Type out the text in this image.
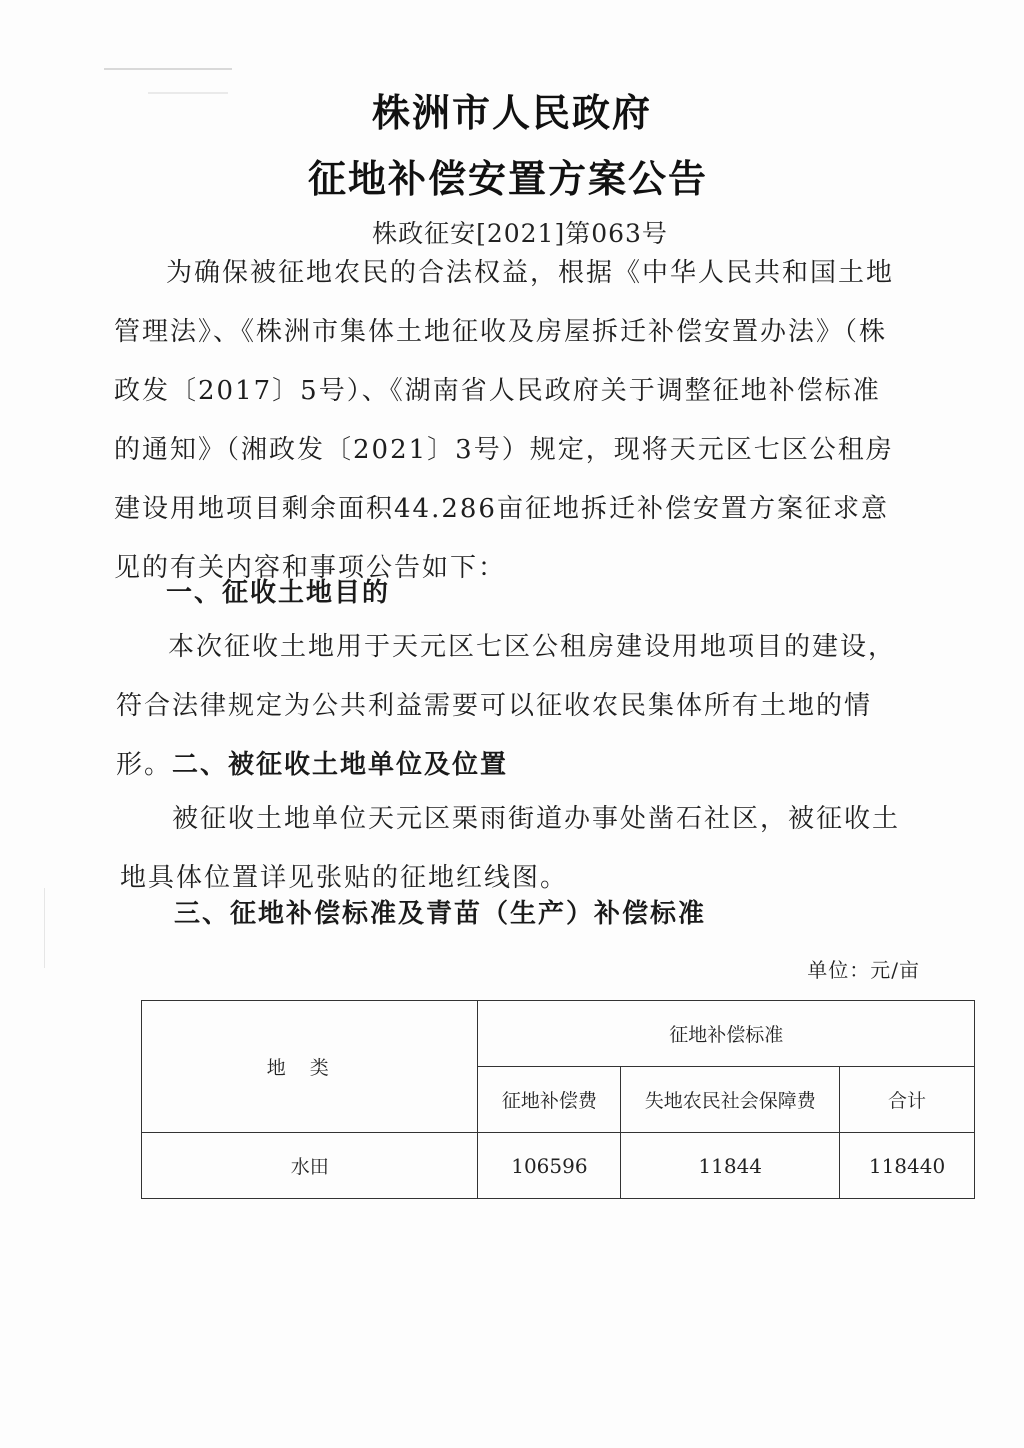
株洲市人民政府
征地补偿安置方案公告
株政征安[2021]第063号
为确保被征地农民的合法权益，根据《中华人民共和国土地管理法》、《株洲市集体土地征收及房屋拆迁补偿安置办法》（株政发〔2017〕5号）、《湖南省人民政府关于调整征地补偿标准的通知》（湘政发〔2021〕3号）规定，现将天元区七区公租房建设用地项目剩余面积44.286亩征地拆迁补偿安置方案征求意见的有关内容和事项公告如下：
一、征收土地目的
本次征收土地用于天元区七区公租房建设用地项目的建设，符合法律规定为公共利益需要可以征收农民集体所有土地的情形。 二、被征收土地单位及位置
被征收土地单位天元区栗雨街道办事处凿石社区，被征收土地具体位置详见张贴的征地红线图。
三、征地补偿标准及青苗（生产）补偿标准
单位：元/亩
地类	征地补偿标准		
	征地补偿费	失地农民社会保障费	合计
水田	106596	11844	118440
